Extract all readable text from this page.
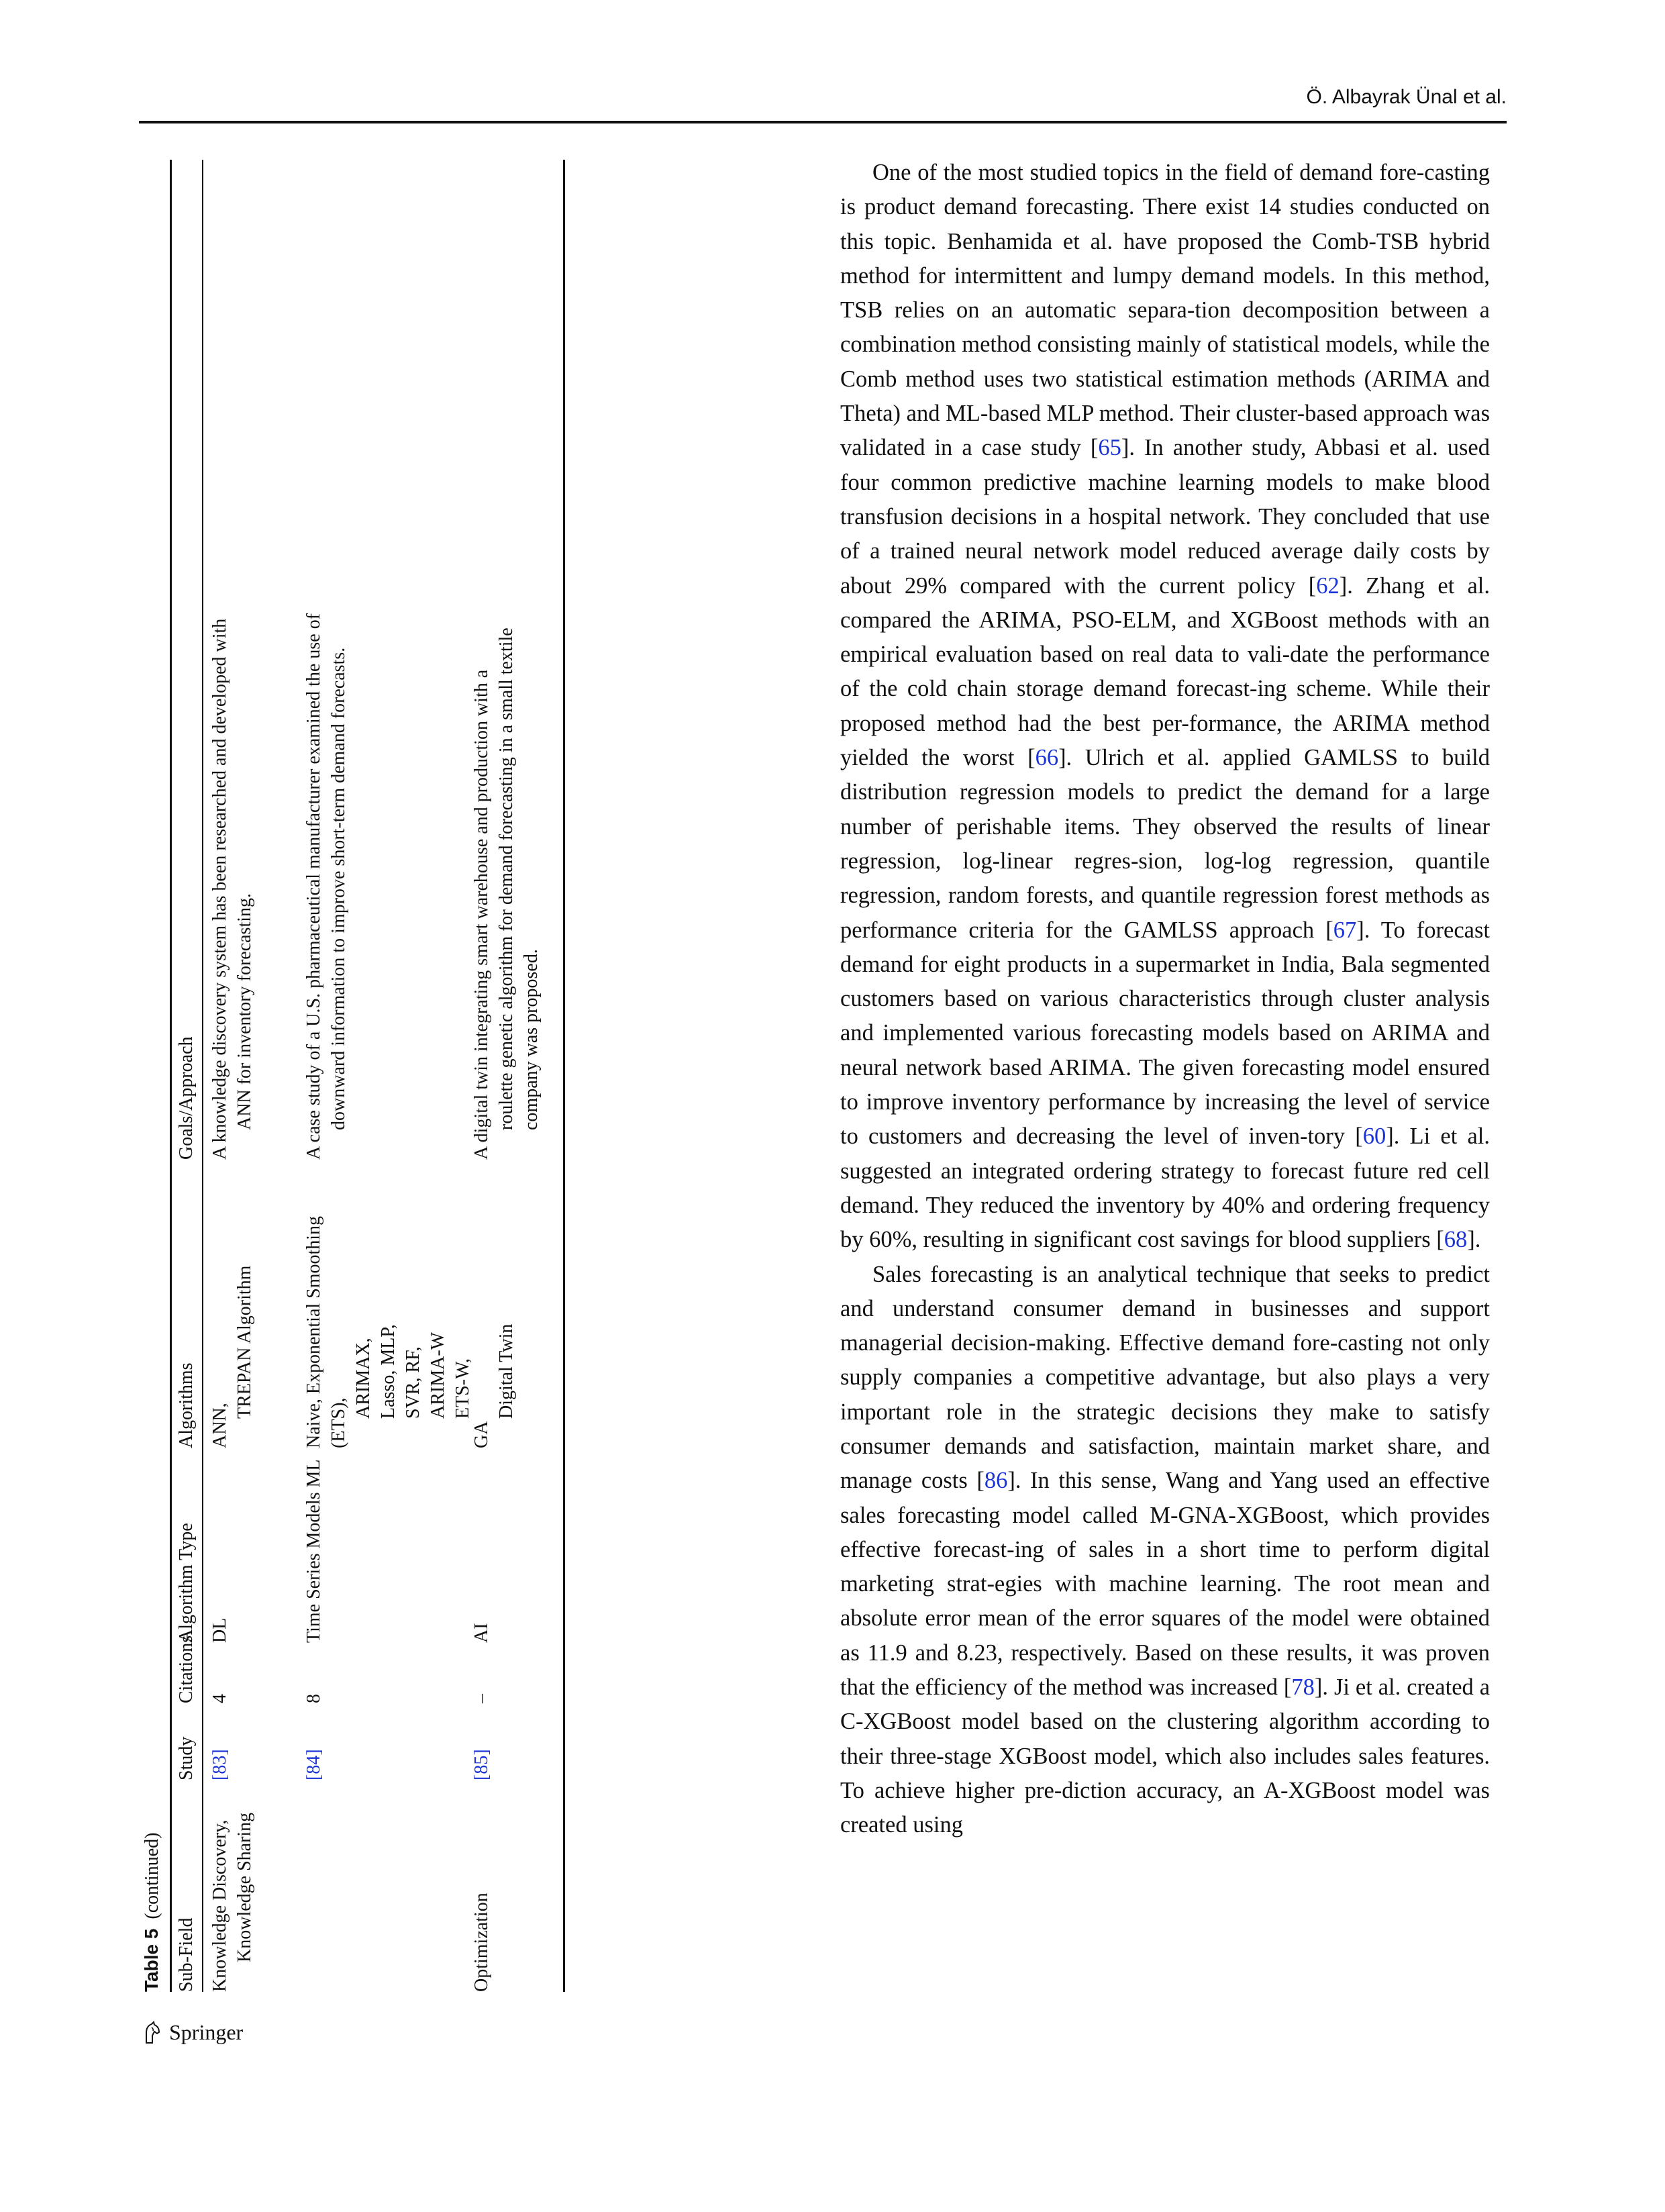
Ö. Albayrak Ünal et al.
Table 5(continued)
Sub-Field
Study
Citations
Algorithm Type
Algorithms
Goals/Approach
Knowledge Discovery, Knowledge Sharing
[83]
4
DL
ANN,
TREPAN Algorithm
A knowledge discovery system has been researched and developed with ANN for inventory forecasting.
[84]
8
Time Series Models ML
Naive, Exponential Smoothing (ETS),
ARIMAX, Lasso, MLP, SVR, RF, ARIMA-W ETS-W,
A case study of a U.S. pharmaceutical manufacturer examined the use of downward information to improve short-term demand forecasts.
Optimization
[85]
–
AI
GA
Digital Twin
A digital twin integrating smart warehouse and production with a roulette genetic algorithm for demand forecasting in a small textile company was proposed.
Springer

One of the most studied topics in the field of demand fore-casting is product demand forecasting. There exist 14 studies conducted on this topic. Benhamida et al. have proposed the Comb-TSB hybrid method for intermittent and lumpy demand models. In this method, TSB relies on an automatic separa-tion decomposition between a combination method consisting mainly of statistical models, while the Comb method uses two statistical estimation methods (ARIMA and Theta) and ML-based MLP method. Their cluster-based approach was validated in a case study [65]. In another study, Abbasi et al. used four common predictive machine learning models to make blood transfusion decisions in a hospital network. They concluded that use of a trained neural network model reduced average daily costs by about 29% compared with the current policy [62]. Zhang et al. compared the ARIMA, PSO-ELM, and XGBoost methods with an empirical evaluation based on real data to vali-date the performance of the cold chain storage demand forecast-ing scheme. While their proposed method had the best per-formance, the ARIMA method yielded the worst [66]. Ulrich et al. applied GAMLSS to build distribution regression models to predict the demand for a large number of perishable items. They observed the results of linear regression, log-linear regres-sion, log-log regression, quantile regression, random forests, and quantile regression forest methods as performance criteria for the GAMLSS approach [67]. To forecast demand for eight products in a supermarket in India, Bala segmented customers based on various characteristics through cluster analysis and implemented various forecasting models based on ARIMA and neural network based ARIMA. The given forecasting model ensured to improve inventory performance by increasing the level of service to customers and decreasing the level of inven-tory [60]. Li et al. suggested an integrated ordering strategy to forecast future red cell demand. They reduced the inventory by 40% and ordering frequency by 60%, resulting in significant cost savings for blood suppliers [68].

Sales forecasting is an analytical technique that seeks to predict and understand consumer demand in businesses and support managerial decision-making. Effective demand fore-casting not only supply companies a competitive advantage, but also plays a very important role in the strategic decisions they make to satisfy consumer demands and satisfaction, maintain market share, and manage costs [86]. In this sense, Wang and Yang used an effective sales forecasting model called M-GNA-XGBoost, which provides effective forecast-ing of sales in a short time to perform digital marketing strat-egies with machine learning. The root mean and absolute error mean of the error squares of the model were obtained as 11.9 and 8.23, respectively. Based on these results, it was proven that the efficiency of the method was increased [78]. Ji et al. created a C-XGBoost model based on the clustering algorithm according to their three-stage XGBoost model, which also includes sales features. To achieve higher pre-diction accuracy, an A-XGBoost model was created using
